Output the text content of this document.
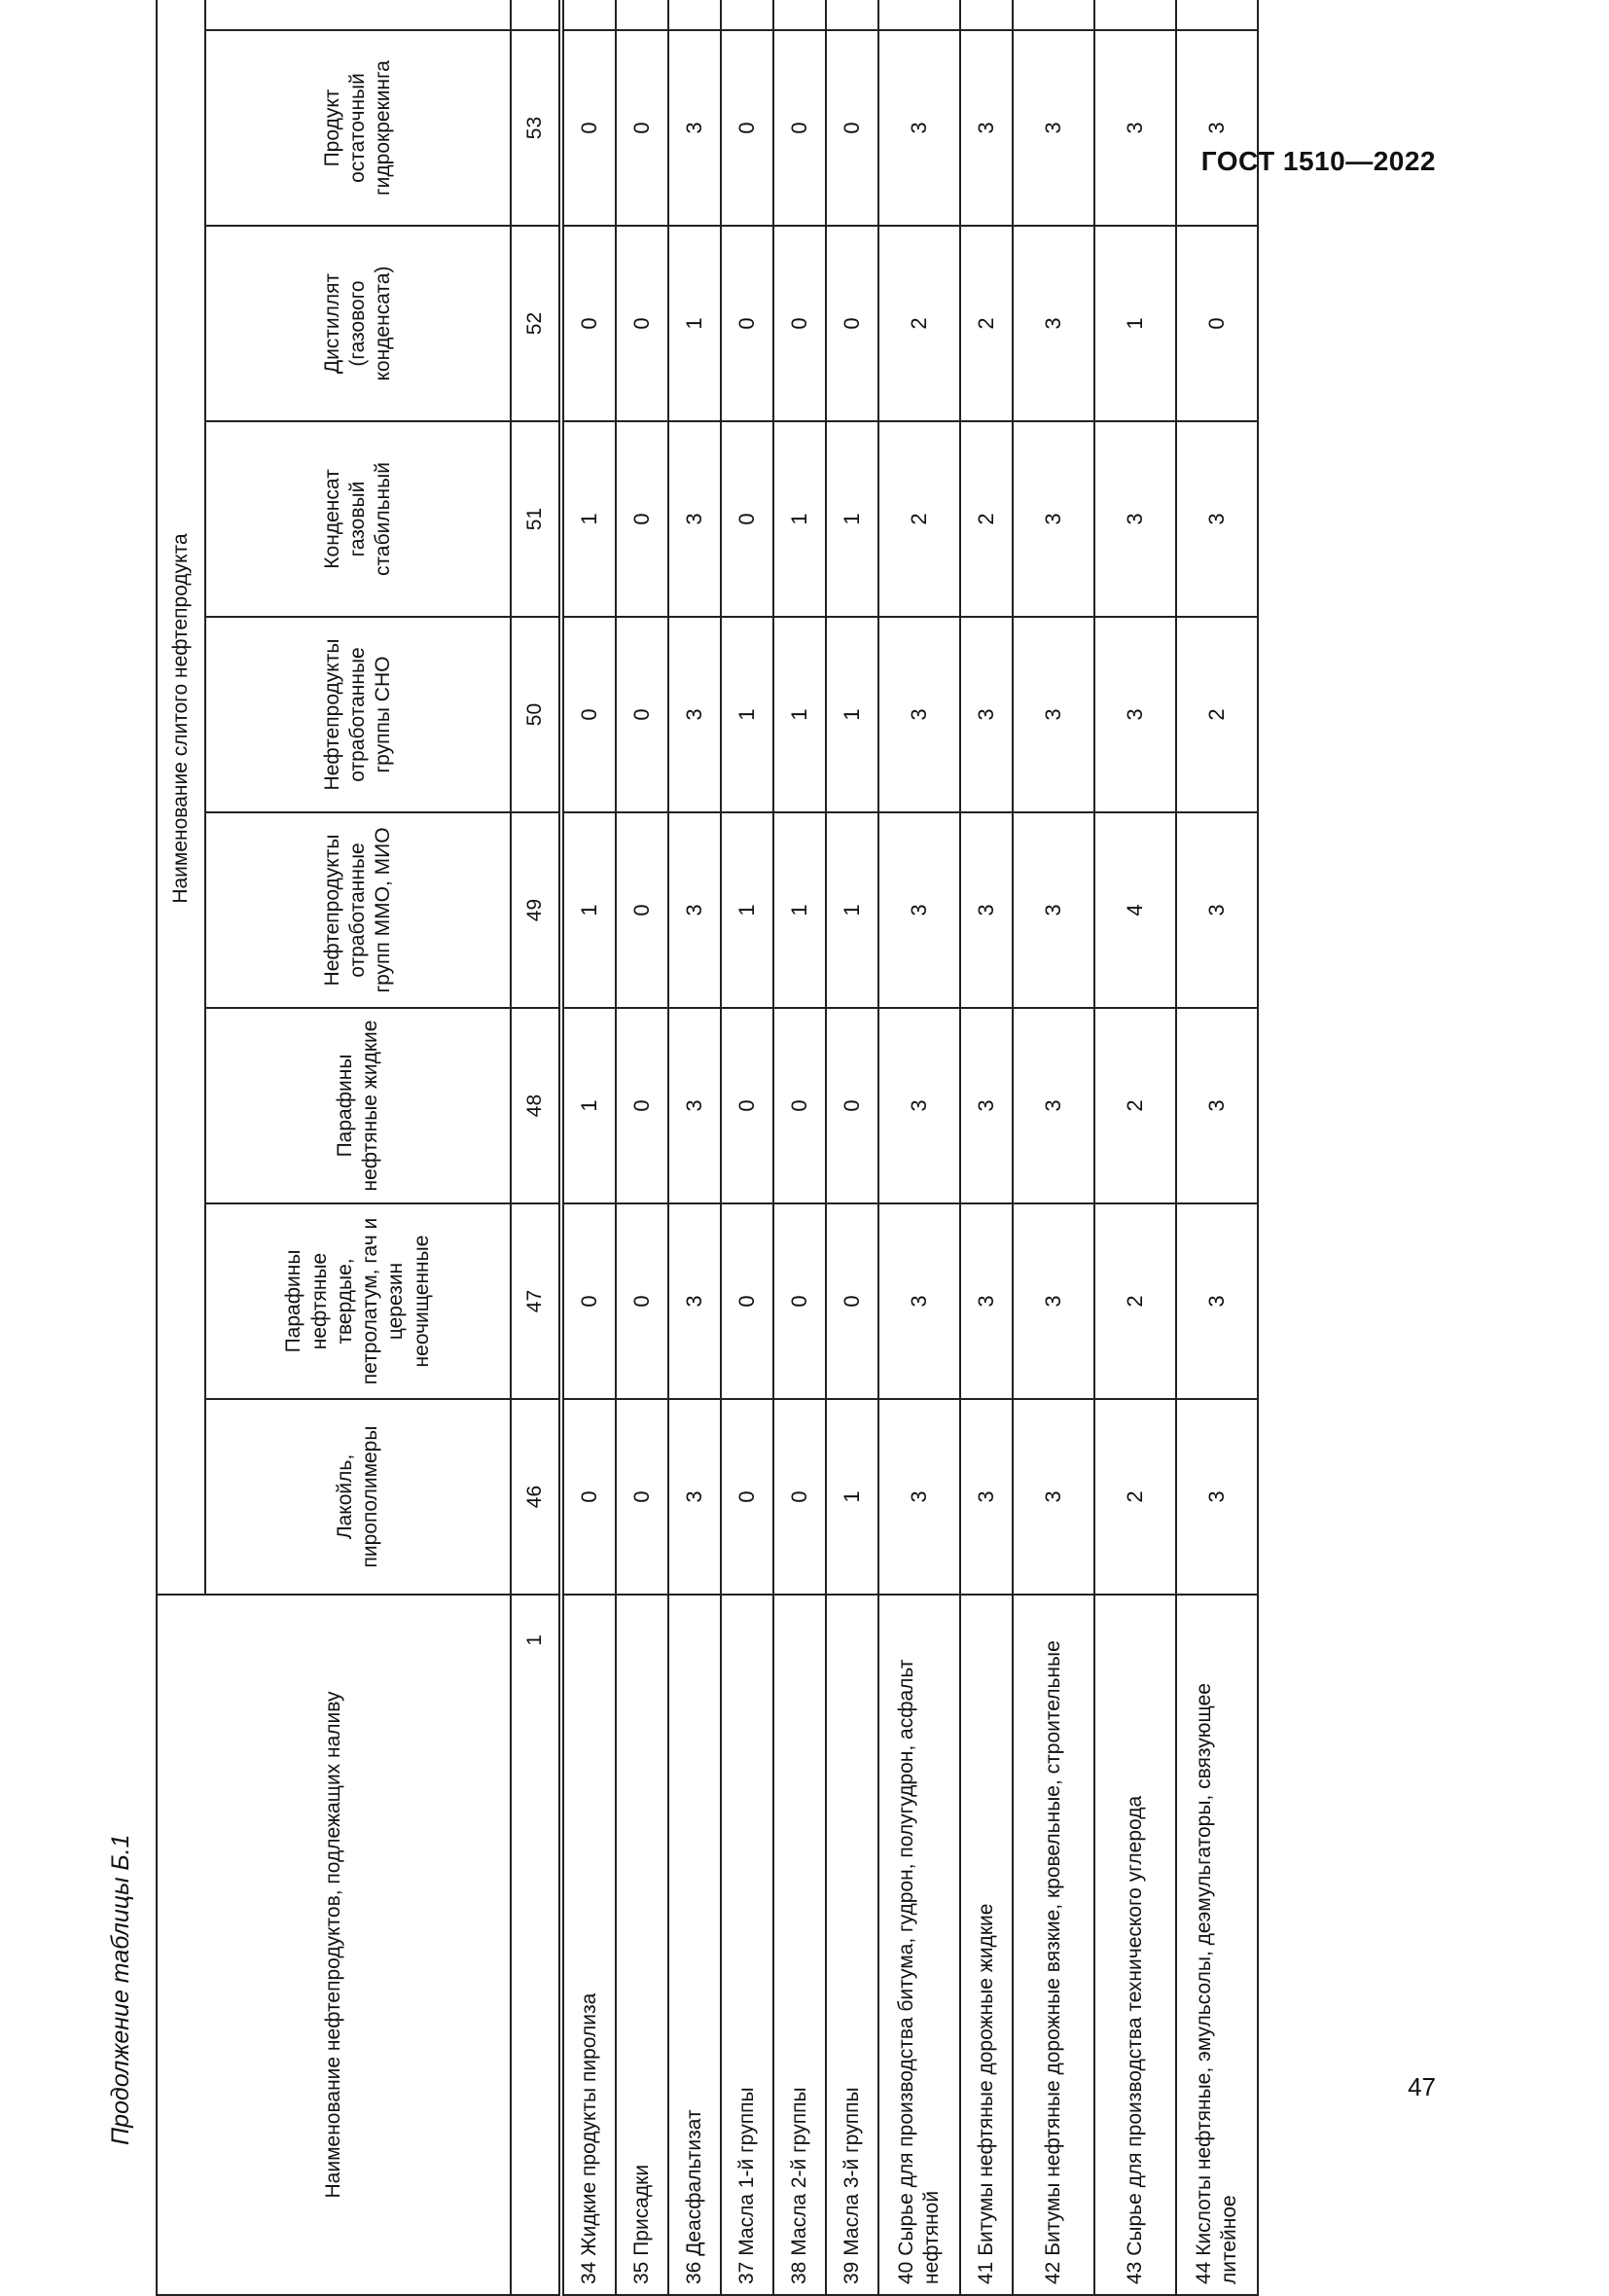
ГОСТ 1510—2022
Продолжение таблицы Б.1	Наименование нефтепродуктов, подлежащих наливу	Наименование слитого нефтепродукта								
	Лакойль, пирополимеры	Парафины нефтяные твердые, петролатум, гач и церезин неочищенные	Парафины нефтяные жидкие	Нефтепродукты отработанные групп ММО, МИО	Нефтепродукты отработанные группы СНО	Конденсат газовый стабильный	Дистиллят (газового конденсата)	Продукт остаточный гидрокрекинга	
1	46	47	48	49	50	51	52	53	
34 Жидкие продукты пиролиза	0	0	1	1	0	1	0	0	
35 Присадки	0	0	0	0	0	0	0	0	
36 Деасфальтизат	3	3	3	3	3	3	1	3	
37 Масла 1-й группы	0	0	0	1	1	0	0	0	
38 Масла 2-й группы	0	0	0	1	1	1	0	0	
39 Масла 3-й группы	1	0	0	1	1	1	0	0	
40 Сырье для производства битума, гудрон, полугудрон, асфальт нефтяной	3	3	3	3	3	2	2	3	
41 Битумы нефтяные дорожные жидкие	3	3	3	3	3	2	2	3	
42 Битумы нефтяные дорожные вязкие, кровельные, строительные	3	3	3	3	3	3	3	3	
43 Сырье для производства технического углерода	2	2	2	4	3	3	1	3	
44 Кислоты нефтяные, эмульсолы, деэмульгаторы, связующее литейное	3	3	3	3	2	3	0	3	
47
